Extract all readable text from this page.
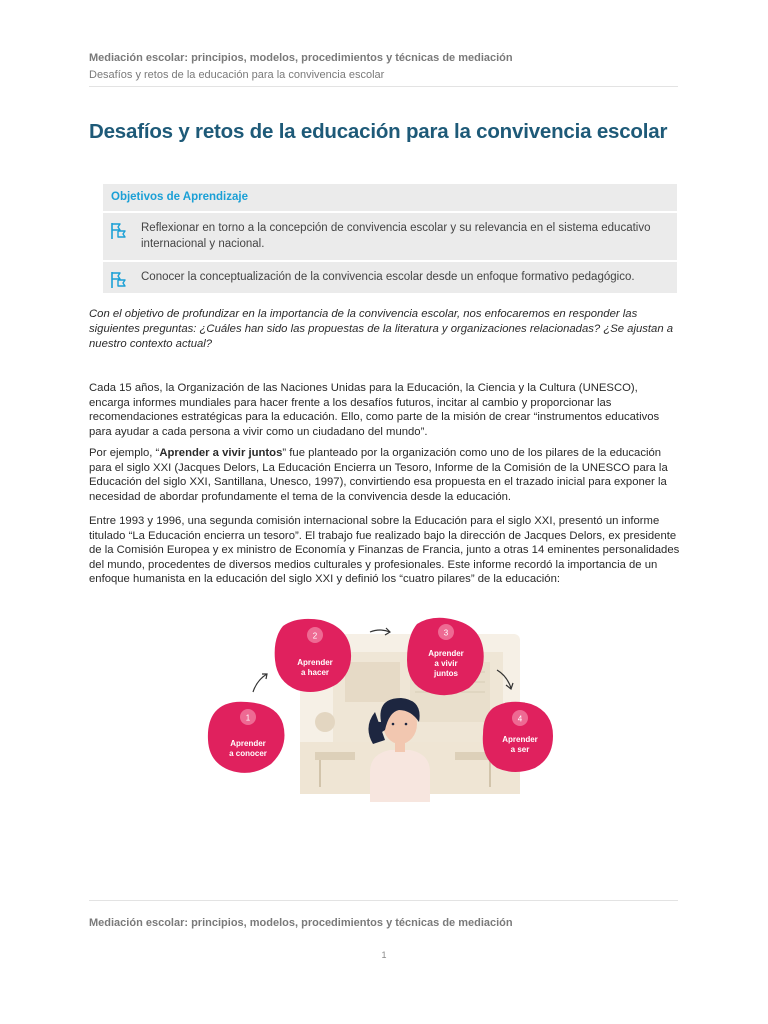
Mediación escolar: principios, modelos, procedimientos y técnicas de mediación
Desafíos y retos de la educación para la convivencia escolar
Desafíos y retos de la educación para la convivencia escolar
Objetivos de Aprendizaje
Reflexionar en torno a la concepción de convivencia escolar y su relevancia en el sistema educativo internacional y nacional.
Conocer la conceptualización de la convivencia escolar desde un enfoque formativo pedagógico.

Con el objetivo de profundizar en la importancia de la convivencia escolar, nos enfocaremos en responder las siguientes preguntas: ¿Cuáles han sido las propuestas de la literatura y organizaciones relacionadas? ¿Se ajustan a nuestro contexto actual?

Cada 15 años, la Organización de las Naciones Unidas para la Educación, la Ciencia y la Cultura (UNESCO), encarga informes mundiales para hacer frente a los desafíos futuros, incitar al cambio y proporcionar las recomendaciones estratégicas para la educación. Ello, como parte de la misión de crear “instrumentos educativos para ayudar a cada persona a vivir como un ciudadano del mundo”.

Por ejemplo, “Aprender a vivir juntos” fue planteado por la organización como uno de los pilares de la educación para el siglo XXI (Jacques Delors, La Educación Encierra un Tesoro, Informe de la Comisión de la UNESCO para la Educación del siglo XXI, Santillana, Unesco, 1997), convirtiendo esa propuesta en el trazado inicial para exponer la necesidad de abordar profundamente el tema de la convivencia desde la educación.

Entre 1993 y 1996, una segunda comisión internacional sobre la Educación para el siglo XXI, presentó un informe titulado “La Educación encierra un tesoro”. El trabajo fue realizado bajo la dirección de Jacques Delors, ex presidente de la Comisión Europea y ex ministro de Economía y Finanzas de Francia, junto a otras 14 eminentes personalidades del mundo, procedentes de diversos medios culturales y profesionales. Este informe recordó la importancia de un enfoque humanista en la educación del siglo XXI y definió los “cuatro pilares” de la educación:

1
Aprender
a conocer
2
Aprender
a hacer
3
Aprender
a vivir
juntos
4
Aprender
a ser
Mediación escolar: principios, modelos, procedimientos y técnicas de mediación
1
